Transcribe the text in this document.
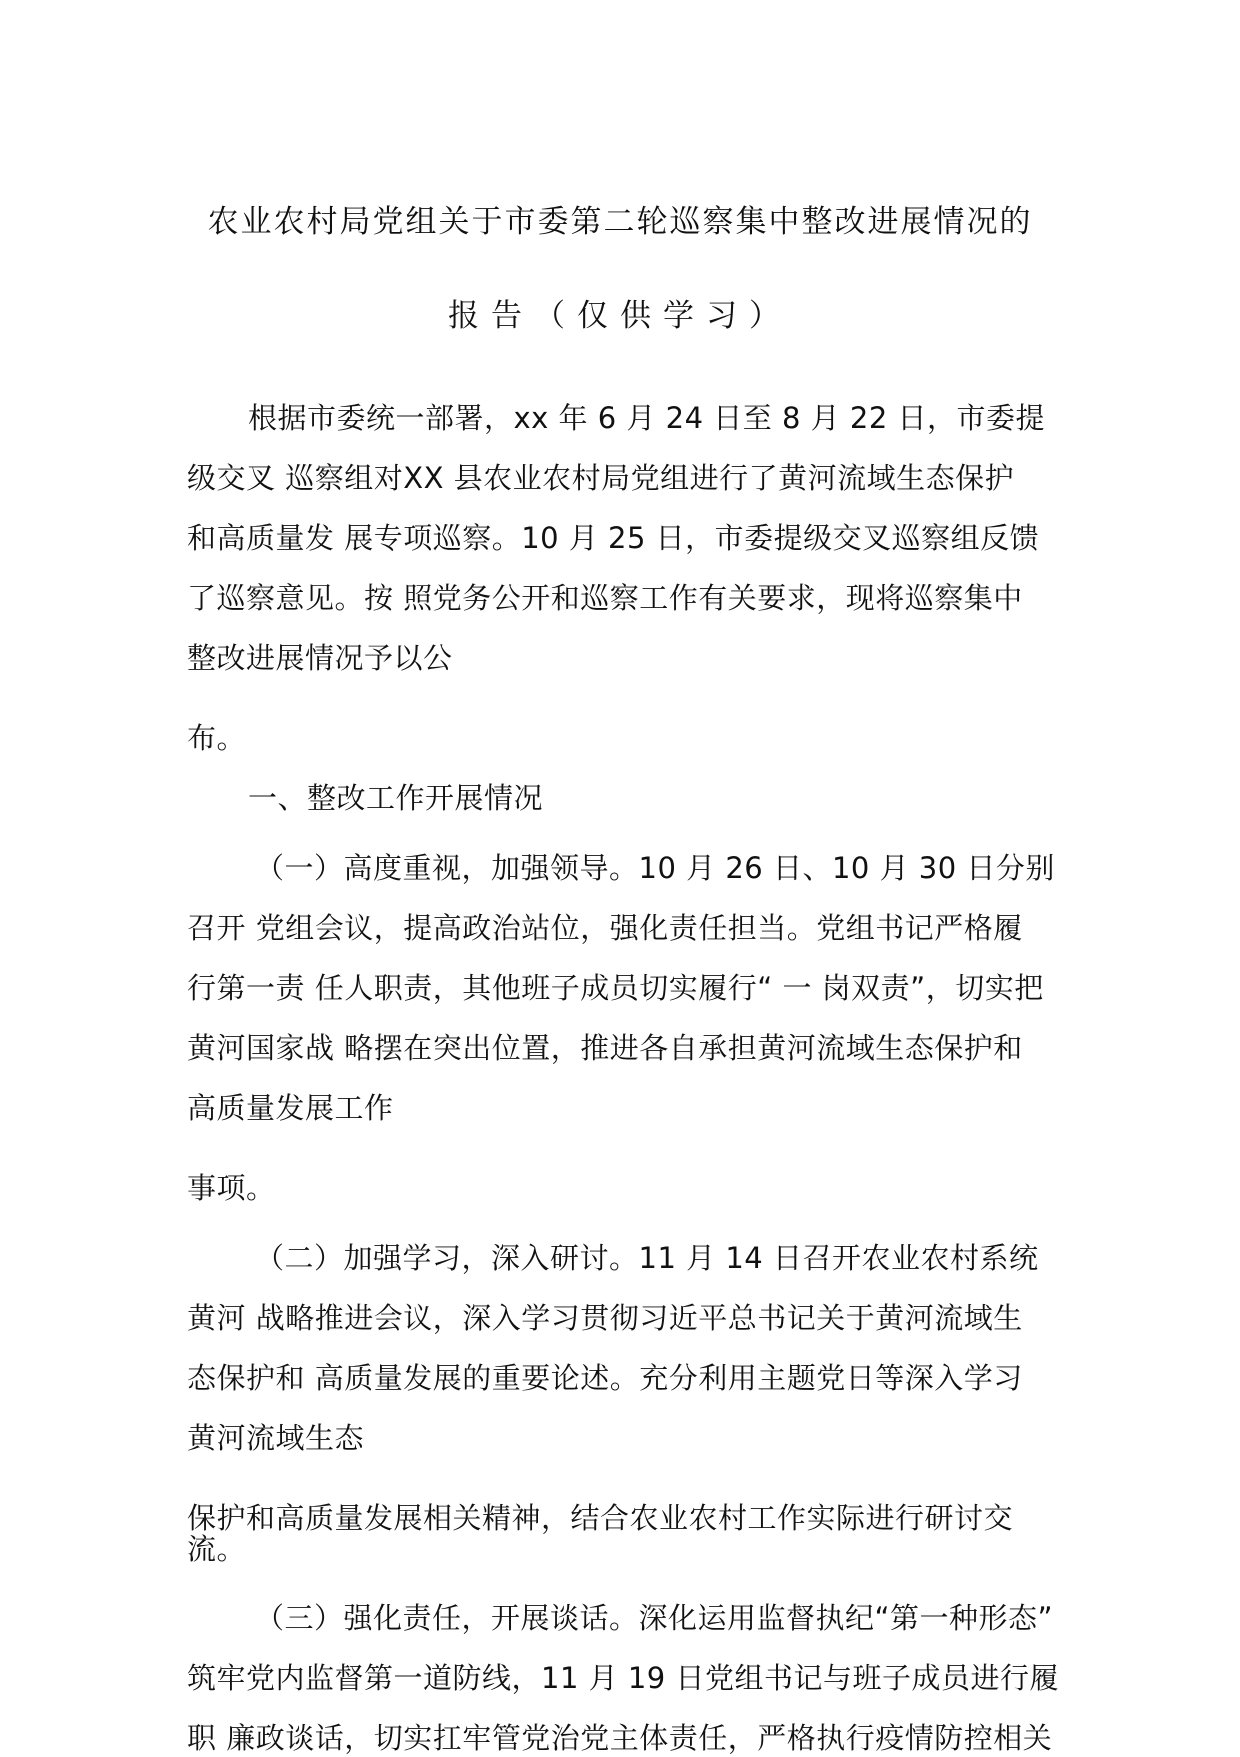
农业农村局党组关于市委第二轮巡察集中整改进展情况的
报告（仅供学习）
根据市委统一部署，xx 年 6 月 24 日至 8 月 22 日，市委提
级交叉 巡察组对XX 县农业农村局党组进行了黄河流域生态保护
和高质量发 展专项巡察。10 月 25 日，市委提级交叉巡察组反馈
了巡察意见。按 照党务公开和巡察工作有关要求，现将巡察集中
整改进展情况予以公
布。
一、整改工作开展情况
（一）高度重视，加强领导。10 月 26 日、10 月 30 日分别
召开 党组会议，提高政治站位，强化责任担当。党组书记严格履
行第一责 任人职责，其他班子成员切实履行“ 一 岗双责”，切实把
黄河国家战 略摆在突出位置，推进各自承担黄河流域生态保护和
高质量发展工作
事项。
（二）加强学习，深入研讨。11 月 14 日召开农业农村系统
黄河 战略推进会议，深入学习贯彻习近平总书记关于黄河流域生
态保护和 高质量发展的重要论述。充分利用主题党日等深入学习
黄河流域生态
保护和高质量发展相关精神，结合农业农村工作实际进行研讨交
流。
（三）强化责任，开展谈话。深化运用监督执纪“第一种形态”
筑牢党内监督第一道防线，11 月 19 日党组书记与班子成员进行履
职 廉政谈话，切实扛牢管党治党主体责任，严格执行疫情防控相关
